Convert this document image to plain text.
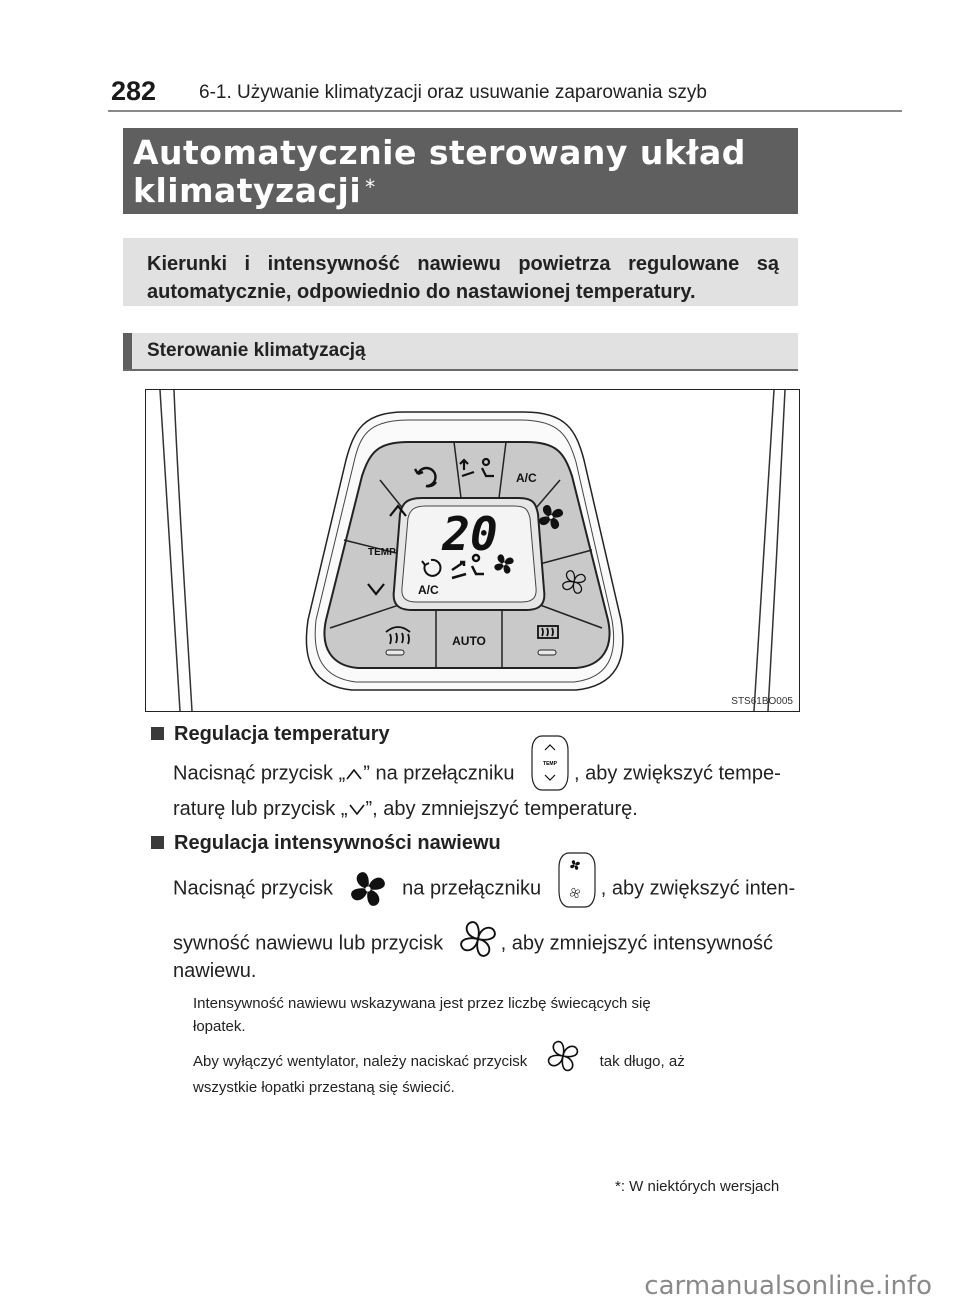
282 6-1. Używanie klimatyzacji oraz usuwanie zaparowania szyb
Automatycznie sterowany układ
klimatyzacji *
Kierunki i intensywność nawiewu powietrza regulowane są automatycznie, odpowiednio do nastawionej temperatury.
Sterowanie klimatyzacją
20
A/C
A/C
TEMP
AUTO
STS61BO005
Regulacja temperatury
Nacisnąć przycisk „ ” na przełączniku	TEMP , aby zwiększyć tempe-
raturę lub przycisk „ ”, aby zmniejszyć temperaturę.
Regulacja intensywności nawiewu
Nacisnąć przycisk	na przełączniku	, aby zwiększyć inten-
sywność nawiewu lub przycisk	, aby zmniejszyć intensywność
nawiewu.
Intensywność nawiewu wskazywana jest przez liczbę świecących się
łopatek.
Aby wyłączyć wentylator, należy naciskać przycisk	tak długo, aż
wszystkie łopatki przestaną się świecić.
*: W niektórych wersjach
carmanualsonline.info
